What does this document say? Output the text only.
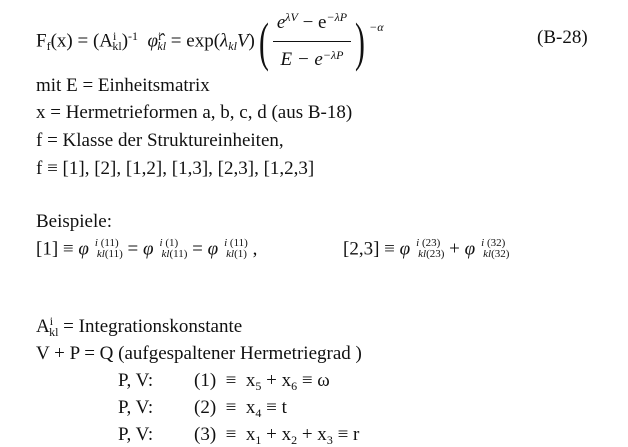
$F_f(x) = (A^i_{kl})^{-1}$ φ̂$^i_{kl}$ = $\exp(\lambda_{kl}V)( \frac{e^{\lambda V} - e^{-\lambda P}}{E - e^{-\lambda P}}$ ) $^{-\alpha}$
(B-28)
mit E = Einheitsmatrix
x = Hermetrieformen a, b, c, d (aus B-18)
f = Klasse der Struktureinheiten,
f ≡ [1], [2], [1,2], [1,3], [2,3], [1,2,3]
Beispiele:
[1] ≡ φ i (11)
kl(11) = φ i (1)
kl(11) = φ i (11)
kl(1) ,	[2,3] ≡ φ i (23)
kl(23) + φ i (32)
kl(32)
$A^i_{kl}$ = Integrationskonstante
V + P = Q (aufgespaltener Hermetriegrad )
P, V: $(1) \equiv x_5 + x_6 \equiv \omega$
P, V: $(2) \equiv x_4 \equiv t$
P, V: $(3) \equiv x_1 + x_2 + x_3 \equiv r$
